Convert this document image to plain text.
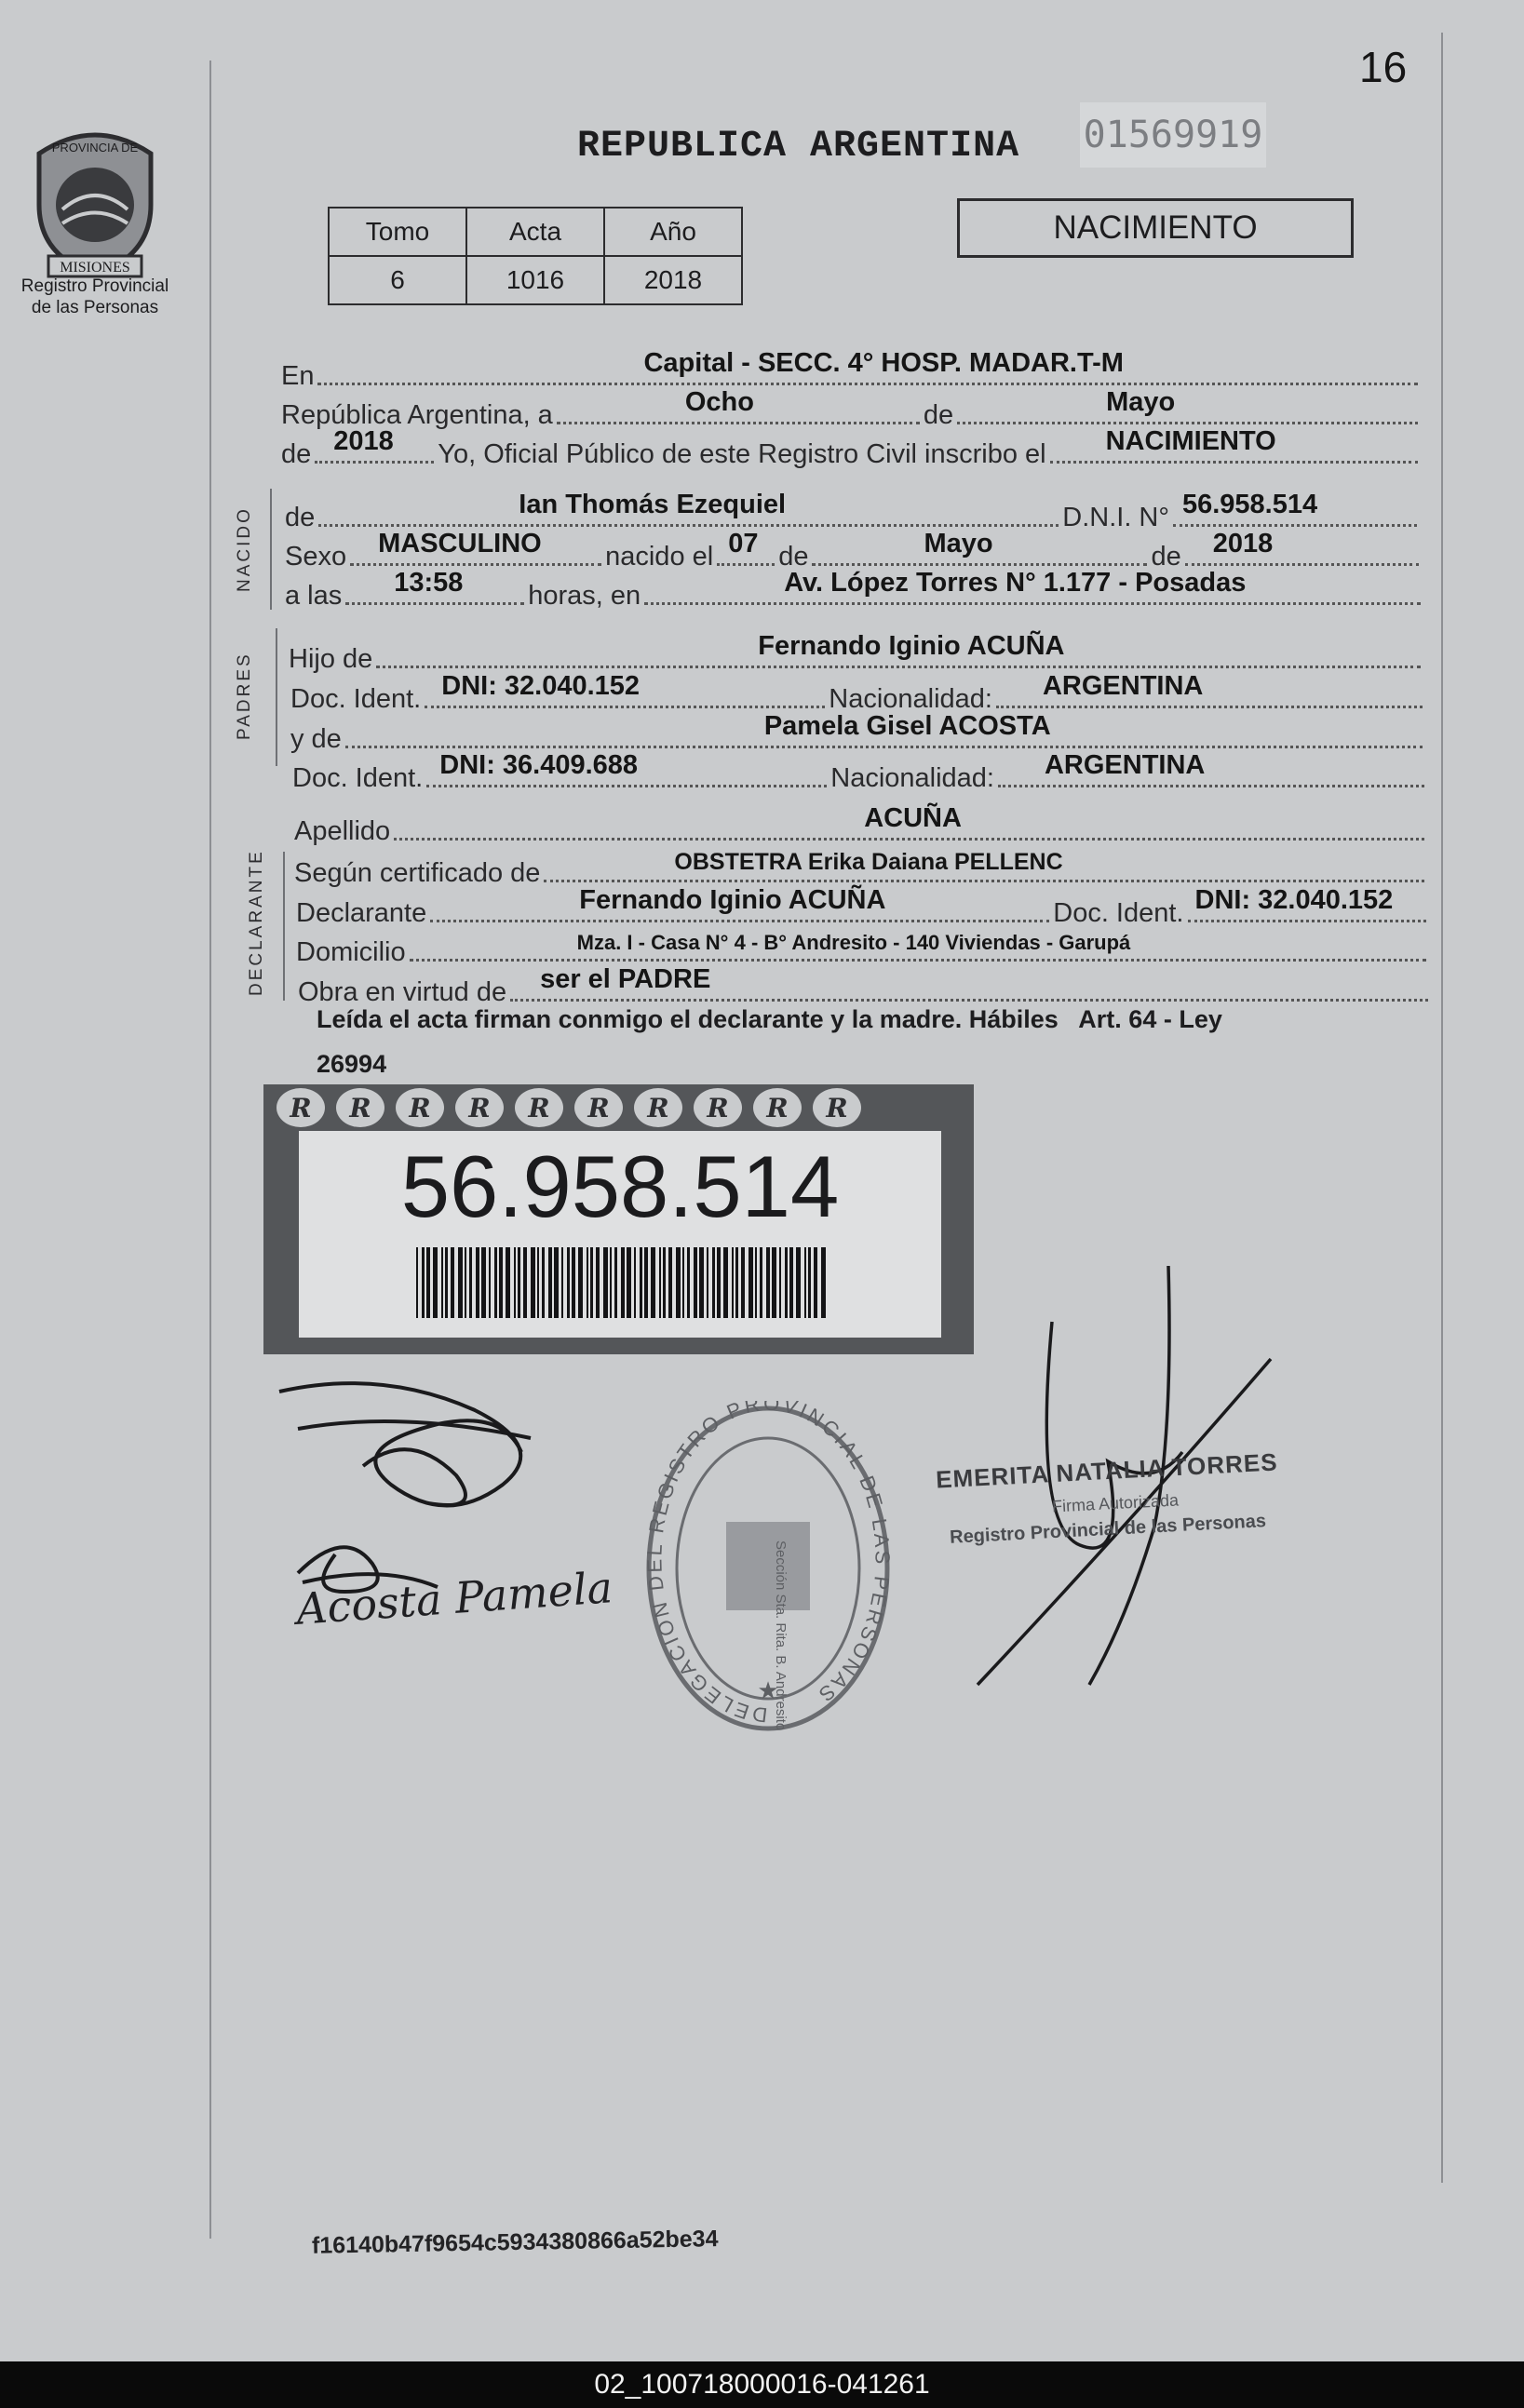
16
PROVINCIA DE
MISIONES
Registro Provincial
de las Personas
REPUBLICA ARGENTINA 01569919
Tomo	Acta	Año
6	1016	2018
NACIMIENTO
En	Capital - SECC. 4° HOSP. MADAR.T-M
República Argentina, a	Ocho	de	Mayo
de 2018 Yo, Oficial Público de este Registro Civil inscribo el NACIMIENTO
NACIDO	de	Ian Thomás Ezequiel	D.N.I. N° 56.958.514
Sexo MASCULINO nacido el 07 de	Mayo	de 2018
a las 13:58 horas, en	Av. López Torres N° 1.177 - Posadas
PADRES	Hijo de	Fernando Iginio ACUÑA
Doc. Ident. DNI: 32.040.152	Nacionalidad: ARGENTINA
y de	Pamela Gisel ACOSTA
Doc. Ident. DNI: 36.409.688	Nacionalidad: ARGENTINA
Apellido	ACUÑA
DECLARANTE	Según certificado de	OBSTETRA Erika Daiana PELLENC
Declarante	Fernando Iginio ACUÑA	Doc. Ident. DNI: 32.040.152
Domicilio	Mza. I - Casa N° 4 - B° Andresito - 140 Viviendas - Garupá
Obra en virtud de ser el PADRE
Leída el acta firman conmigo el declarante y la madre. Hábiles   Art. 64 - Ley
26994
R	R	R	R	R	R	R	R	R	R
56.958.514
Acosta Pamela
DELEGACION DEL REGISTRO PROVINCIAL DE LAS PERSONAS
★
Sección Sta. Rita. B. Andresito
EMERITA NATALIA TORRES
Firma Autorizada
Registro Provincial de las Personas
f16140b47f9654c5934380866a52be34
02_100718000016-041261
